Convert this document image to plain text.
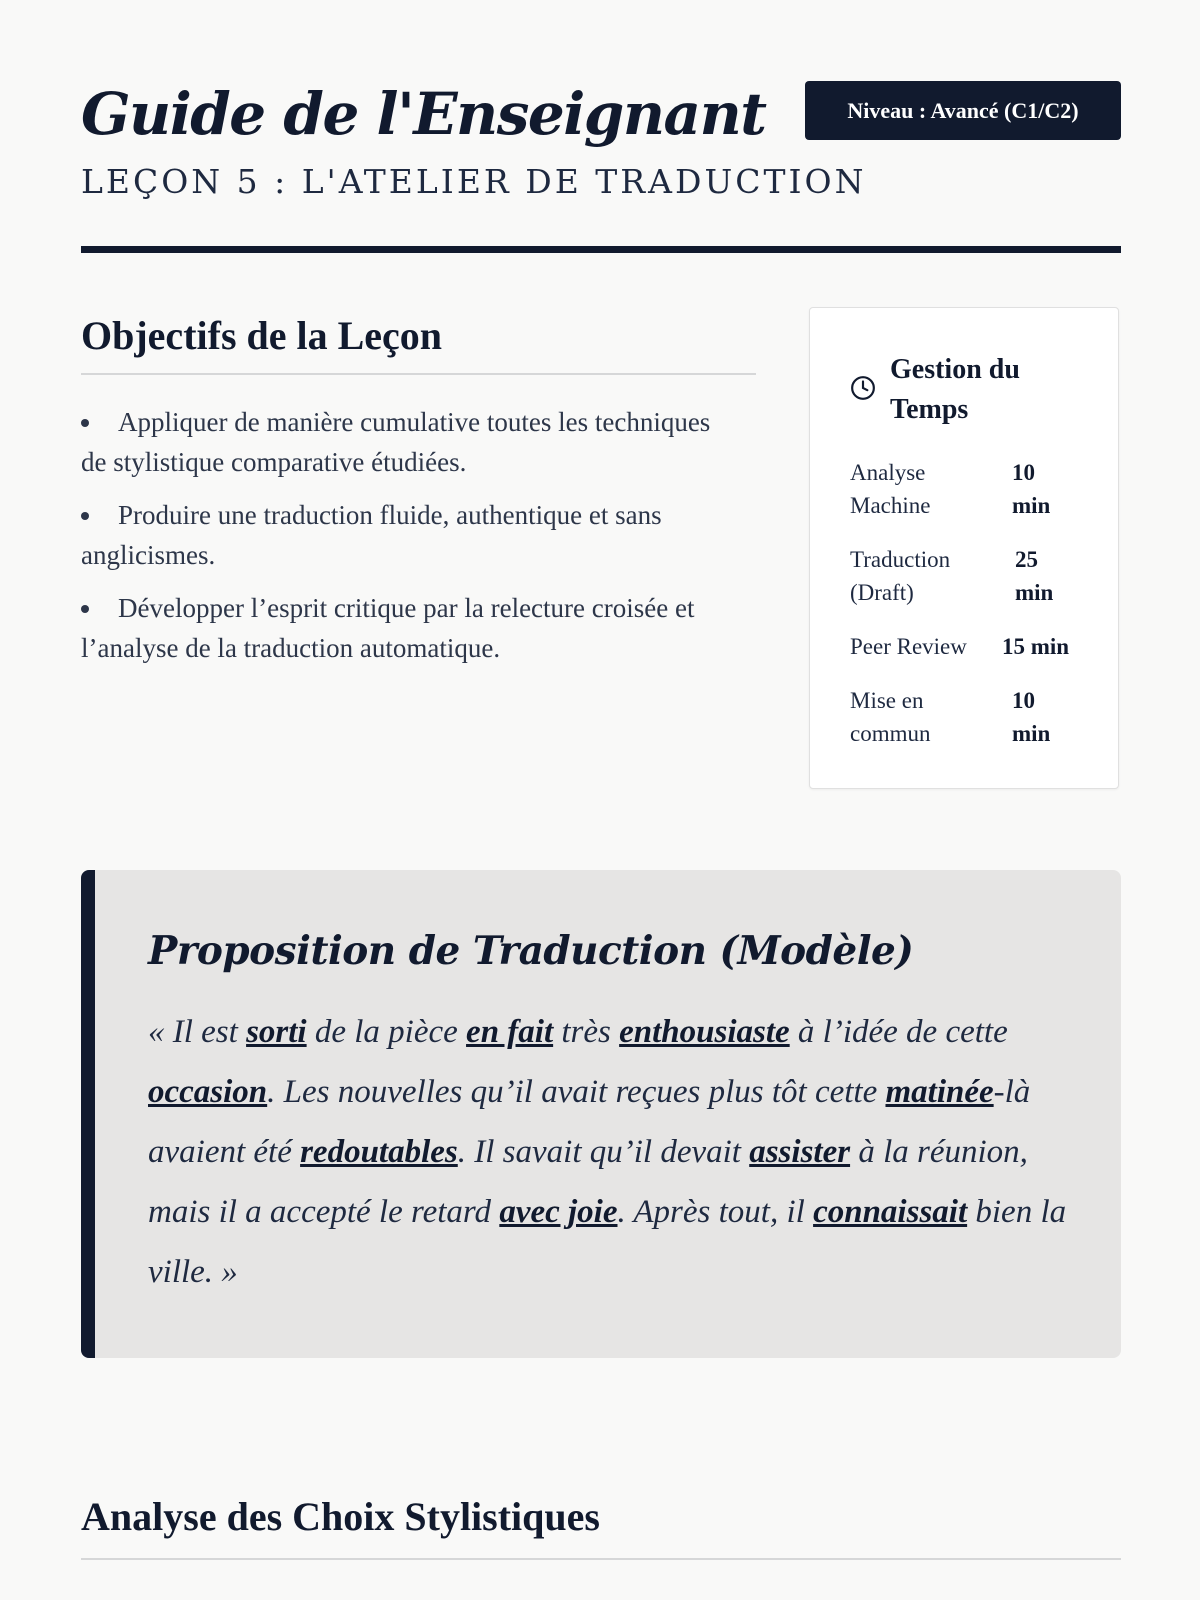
Guide de l'Enseignant
LEÇON 5 : L'ATELIER DE TRADUCTION
Niveau : Avancé (C1/C2)
Objectifs de la Leçon
Appliquer de manière cumulative toutes les techniques de stylistique comparative étudiées.
Produire une traduction fluide, authentique et sans anglicismes.
Développer l’esprit critique par la relecture croisée et l’analyse de la traduction automatique.
Gestion du Temps
Analyse Machine
10 min
Traduction (Draft)
25 min
Peer Review	15 min
Mise en commun
10 min
Proposition de Traduction (Modèle)

« Il est sorti de la pièce en fait très enthousiaste à l’idée de cette occasion. Les nouvelles qu’il avait reçues plus tôt cette matinée-là avaient été redoutables. Il savait qu’il devait assister à la réunion, mais il a accepté le retard avec joie. Après tout, il connaissait bien la ville. »

Analyse des Choix Stylistiques
